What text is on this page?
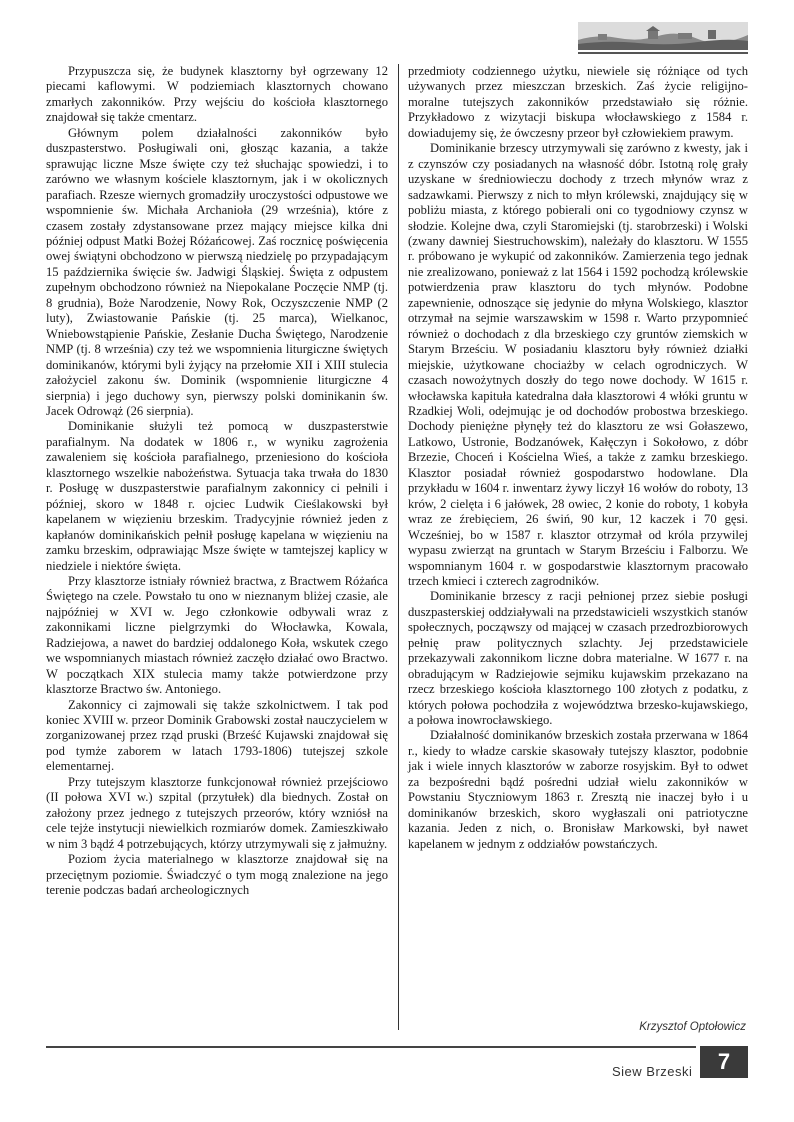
Przypuszcza się, że budynek klasztorny był ogrzewany 12 piecami kaflowymi. W podziemiach klasztornych chowano zmarłych zakonników. Przy wejściu do kościoła klasztornego znajdował się także cmentarz.

Głównym polem działalności zakonników było duszpasterstwo. Posługiwali oni, głosząc kazania, a także sprawując liczne Msze święte czy też słuchając spowiedzi, i to zarówno we własnym kościele klasztornym, jak i w okolicznych parafiach. Rzesze wiernych gromadziły uroczystości odpustowe we wspomnienie św. Michała Archanioła (29 września), które z czasem zostały zdystansowane przez mający miejsce kilka dni później odpust Matki Bożej Różańcowej. Zaś rocznicę poświęcenia owej świątyni obchodzono w pierwszą niedzielę po przypadającym 15 października święcie św. Jadwigi Śląskiej. Święta z odpustem zupełnym obchodzono również na Niepokalane Poczęcie NMP (tj. 8 grudnia), Boże Narodzenie, Nowy Rok, Oczyszczenie NMP (2 luty), Zwiastowanie Pańskie (tj. 25 marca), Wielkanoc, Wniebowstąpienie Pańskie, Zesłanie Ducha Świętego, Narodzenie NMP (tj. 8 września) czy też we wspomnienia liturgiczne świętych dominikanów, którymi byli żyjący na przełomie XII i XIII stulecia założyciel zakonu św. Dominik (wspomnienie liturgiczne 4 sierpnia) i jego duchowy syn, pierwszy polski dominikanin św. Jacek Odrowąż (26 sierpnia).

Dominikanie służyli też pomocą w duszpasterstwie parafialnym. Na dodatek w 1806 r., w wyniku zagrożenia zawaleniem się kościoła parafialnego, przeniesiono do kościoła klasztornego wszelkie nabożeństwa. Sytuacja taka trwała do 1830 r. Posługę w duszpasterstwie parafialnym zakonnicy ci pełnili i później, skoro w 1848 r. ojciec Ludwik Cieślakowski był kapelanem w więzieniu brzeskim. Tradycyjnie również jeden z kapłanów dominikańskich pełnił posługę kapelana w więzieniu na zamku brzeskim, odprawiając Msze święte w tamtejszej kaplicy w niedziele i niektóre święta.

Przy klasztorze istniały również bractwa, z Bractwem Różańca Świętego na czele. Powstało tu ono w nieznanym bliżej czasie, ale najpóźniej w XVI w. Jego członkowie odbywali wraz z zakonnikami liczne pielgrzymki do Włocławka, Kowala, Radziejowa, a nawet do bardziej oddalonego Koła, wskutek czego we wspomnianych miastach również zaczęło działać owo Bractwo. W początkach XIX stulecia mamy także potwierdzone przy klasztorze Bractwo św. Antoniego.

Zakonnicy ci zajmowali się także szkolnictwem. I tak pod koniec XVIII w. przeor Dominik Grabowski został nauczycielem w zorganizowanej przez rząd pruski (Brześć Kujawski znajdował się pod tymże zaborem w latach 1793-1806) tutejszej szkole elementarnej.

Przy tutejszym klasztorze funkcjonował również przejściowo (II połowa XVI w.) szpital (przytułek) dla biednych. Został on założony przez jednego z tutejszych przeorów, który wzniósł na cele tejże instytucji niewielkich rozmiarów domek. Zamieszkiwało w nim 3 bądź 4 potrzebujących, którzy utrzymywali się z jałmużny.

Poziom życia materialnego w klasztorze znajdował się na przeciętnym poziomie. Świadczyć o tym mogą znalezione na jego terenie podczas badań archeologicznych

przedmioty codziennego użytku, niewiele się różniące od tych używanych przez mieszczan brzeskich. Zaś życie religijno-moralne tutejszych zakonników przedstawiało się różnie. Przykładowo z wizytacji biskupa włocławskiego z 1584 r. dowiadujemy się, że ówczesny przeor był człowiekiem prawym.

Dominikanie brzescy utrzymywali się zarówno z kwesty, jak i z czynszów czy posiadanych na własność dóbr. Istotną rolę grały uzyskane w średniowieczu dochody z trzech młynów wraz z sadzawkami. Pierwszy z nich to młyn królewski, znajdujący się w pobliżu miasta, z którego pobierali oni co tygodniowy czynsz w słodzie. Kolejne dwa, czyli Staromiejski (tj. starobrzeski) i Wolski (zwany dawniej Siestruchowskim), należały do klasztoru. W 1555 r. próbowano je wykupić od zakonników. Zamierzenia tego jednak nie zrealizowano, ponieważ z lat 1564 i 1592 pochodzą królewskie potwierdzenia praw klasztoru do tych młynów. Podobne zapewnienie, odnoszące się jedynie do młyna Wolskiego, klasztor otrzymał na sejmie warszawskim w 1598 r. Warto przypomnieć również o dochodach z dla brzeskiego czy gruntów ziemskich w Starym Brześciu. W posiadaniu klasztoru były również działki miejskie, użytkowane chociażby w celach ogrodniczych. W czasach nowożytnych doszły do tego nowe dochody. W 1615 r. włocławska kapituła katedralna dała klasztorowi 4 włóki gruntu w Rzadkiej Woli, odejmując je od dochodów probostwa brzeskiego. Dochody pieniężne płynęły też do klasztoru ze wsi Gołaszewo, Latkowo, Ustronie, Bodzanówek, Kałęczyn i Sokołowo, z dóbr Brzezie, Choceń i Kościelna Wieś, a także z zamku brzeskiego. Klasztor posiadał również gospodarstwo hodowlane. Dla przykładu w 1604 r. inwentarz żywy liczył 16 wołów do roboty, 13 krów, 2 cielęta i 6 jałówek, 28 owiec, 2 konie do roboty, 1 kobyła wraz ze źrebięciem, 26 świń, 90 kur, 12 kaczek i 70 gęsi. Wcześniej, bo w 1587 r. klasztor otrzymał od króla przywilej wypasu zwierząt na gruntach w Starym Brześciu i Falborzu. We wspomnianym 1604 r. w gospodarstwie klasztornym pracowało trzech kmieci i czterech zagrodników.

Dominikanie brzescy z racji pełnionej przez siebie posługi duszpasterskiej oddziaływali na przedstawicieli wszystkich stanów społecznych, począwszy od mającej w czasach przedrozbiorowych pełnię praw politycznych szlachty. Jej przedstawiciele przekazywali zakonnikom liczne dobra materialne. W 1677 r. na obradującym w Radziejowie sejmiku kujawskim przekazano na rzecz brzeskiego kościoła klasztornego 100 złotych z podatku, z których połowa pochodziła z województwa brzesko-kujawskiego, a połowa inowrocławskiego.

Działalność dominikanów brzeskich została przerwana w 1864 r., kiedy to władze carskie skasowały tutejszy klasztor, podobnie jak i wiele innych klasztorów w zaborze rosyjskim. Był to odwet za bezpośredni bądź pośredni udział wielu zakonników w Powstaniu Styczniowym 1863 r. Zresztą nie inaczej było i u dominikanów brzeskich, skoro wygłaszali oni patriotyczne kazania. Jeden z nich, o. Bronisław Markowski, był nawet kapelanem w jednym z oddziałów powstańczych.

Krzysztof Optołowicz
Siew Brzeski 7
